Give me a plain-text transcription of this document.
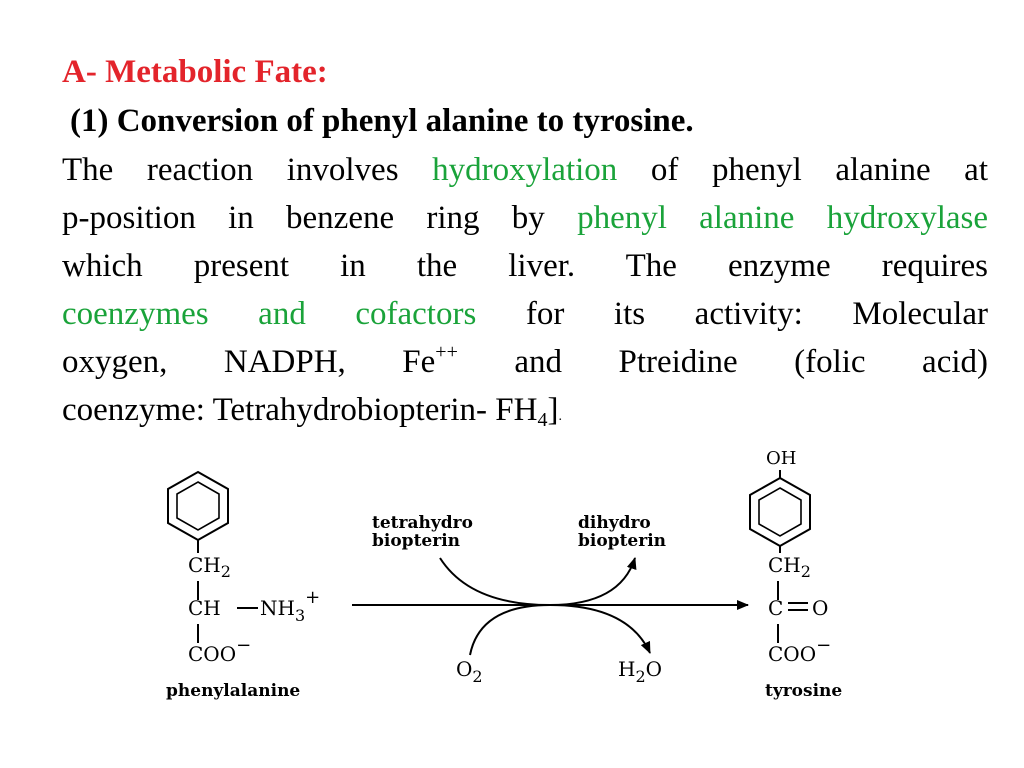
A- Metabolic Fate:
(1) Conversion of phenyl alanine to tyrosine.
The reaction involves hydroxylation of phenyl alanine at
p-position in benzene ring by phenyl alanine hydroxylase
which present in the liver. The enzyme requires
coenzymes and cofactors for its activity: Molecular
oxygen, NADPH, Fe++ and Ptreidine (folic acid)
coenzyme: Tetrahydrobiopterin- $FH_4$].
$CH_2$
CH $NH_3+$
COO−
phenylalanine
tetrahydro
biopterin
dihydro
biopterin
$O_2$	$H_2O$
OH
$CH_2$
C O
COO−
tyrosine
